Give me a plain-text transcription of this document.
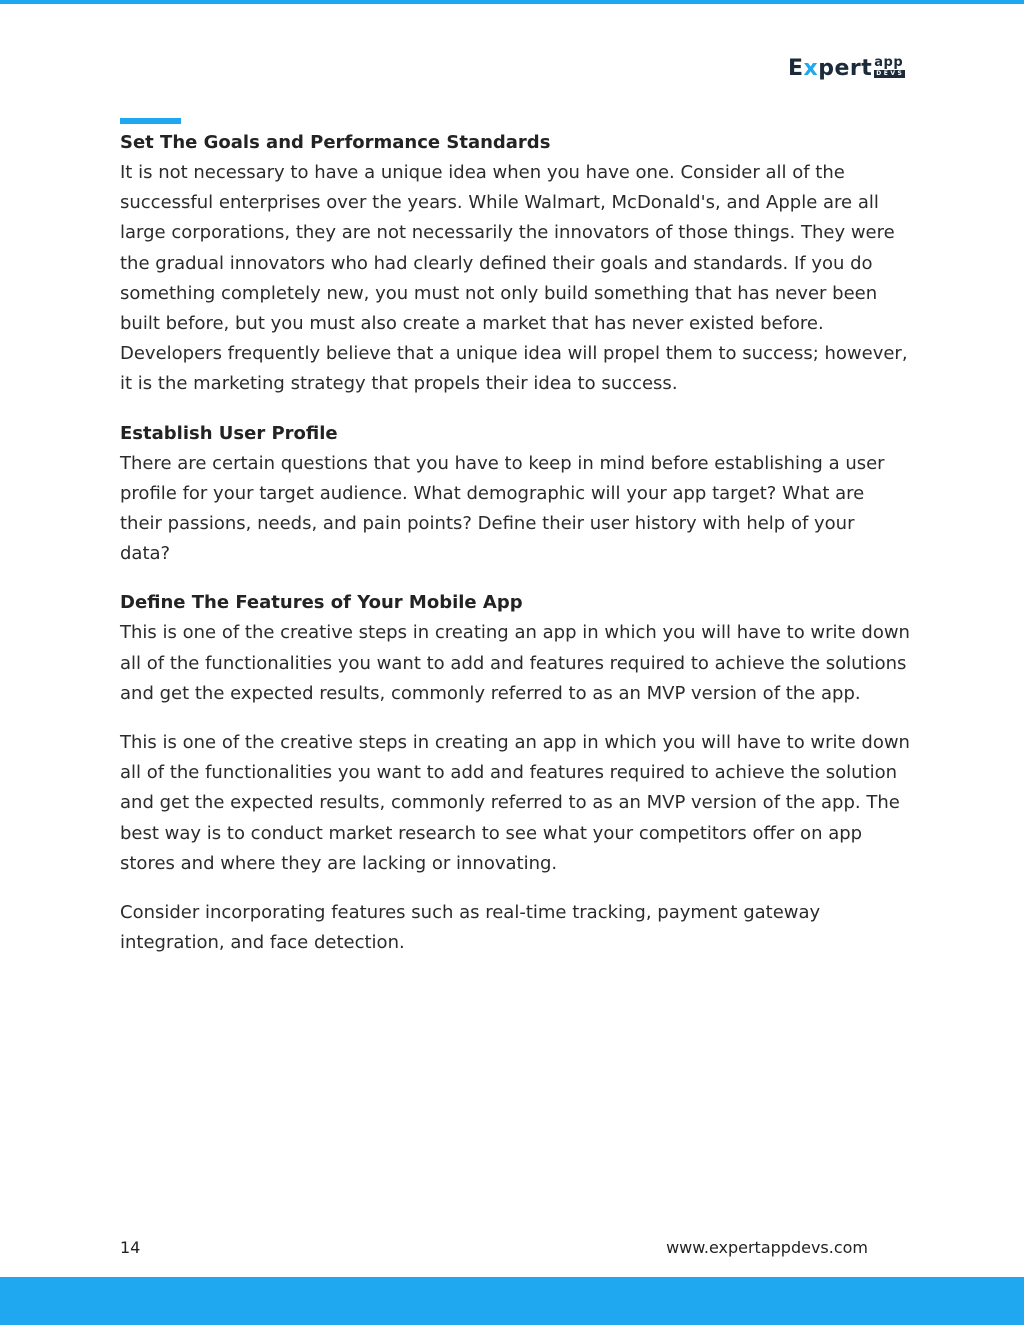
Expert app
DEVS
Set The Goals and Performance Standards

It is not necessary to have a unique idea when you have one. Consider all of the successful enterprises over the years. While Walmart, McDonald's, and Apple are all large corporations, they are not necessarily the innovators of those things. They were the gradual innovators who had clearly defined their goals and standards. If you do something completely new, you must not only build something that has never been built before, but you must also create a market that has never existed before. Developers frequently believe that a unique idea will propel them to success; however, it is the marketing strategy that propels their idea to success.

Establish User Profile

There are certain questions that you have to keep in mind before establishing a user profile for your target audience. What demographic will your app target? What are their passions, needs, and pain points? Define their user history with help of your data?

Define The Features of Your Mobile App

This is one of the creative steps in creating an app in which you will have to write down all of the functionalities you want to add and features required to achieve the solutions and get the expected results, commonly referred to as an MVP version of the app.

This is one of the creative steps in creating an app in which you will have to write down all of the functionalities you want to add and features required to achieve the solution and get the expected results, commonly referred to as an MVP version of the app. The best way is to conduct market research to see what your competitors offer on app stores and where they are lacking or innovating.

Consider incorporating features such as real-time tracking, payment gateway integration, and face detection.

14	www.expertappdevs.com
